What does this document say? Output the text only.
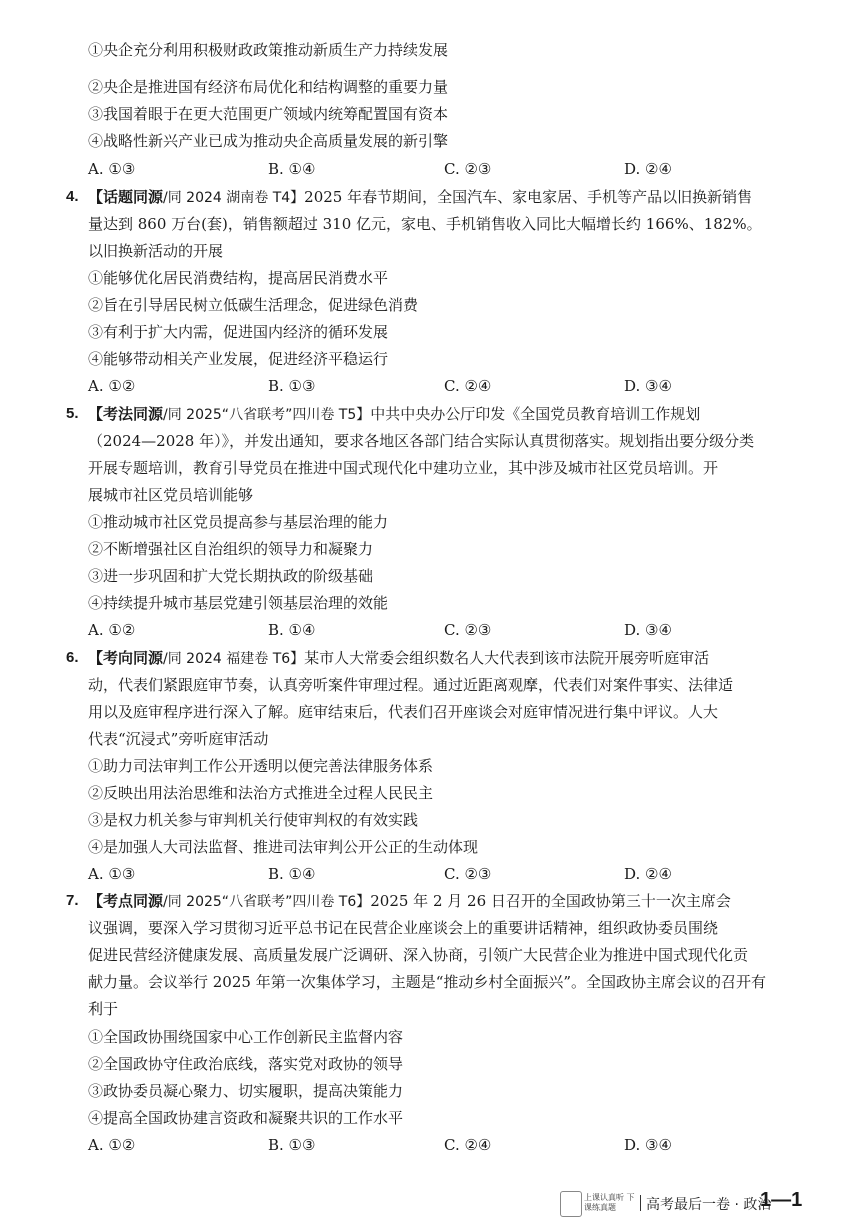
①央企充分利用积极财政政策推动新质生产力持续发展
②央企是推进国有经济布局优化和结构调整的重要力量
③我国着眼于在更大范围更广领域内统筹配置国有资本
④战略性新兴产业已成为推动央企高质量发展的新引擎
A. ①③	B. ①④	C. ②③	D. ②④
4. 【话题同源/同 2024 湖南卷 T4】2025 年春节期间，全国汽车、家电家居、手机等产品以旧换新销售
量达到 860 万台(套)，销售额超过 310 亿元，家电、手机销售收入同比大幅增长约 166%、182%。
以旧换新活动的开展
①能够优化居民消费结构，提高居民消费水平
②旨在引导居民树立低碳生活理念，促进绿色消费
③有利于扩大内需，促进国内经济的循环发展
④能够带动相关产业发展，促进经济平稳运行
A. ①②	B. ①③	C. ②④	D. ③④
5. 【考法同源/同 2025“八省联考”四川卷 T5】中共中央办公厅印发《全国党员教育培训工作规划
（2024—2028 年）》，并发出通知，要求各地区各部门结合实际认真贯彻落实。规划指出要分级分类
开展专题培训，教育引导党员在推进中国式现代化中建功立业，其中涉及城市社区党员培训。开
展城市社区党员培训能够
①推动城市社区党员提高参与基层治理的能力
②不断增强社区自治组织的领导力和凝聚力
③进一步巩固和扩大党长期执政的阶级基础
④持续提升城市基层党建引领基层治理的效能
A. ①②	B. ①④	C. ②③	D. ③④
6. 【考向同源/同 2024 福建卷 T6】某市人大常委会组织数名人大代表到该市法院开展旁听庭审活
动，代表们紧跟庭审节奏，认真旁听案件审理过程。通过近距离观摩，代表们对案件事实、法律适
用以及庭审程序进行深入了解。庭审结束后，代表们召开座谈会对庭审情况进行集中评议。人大
代表“沉浸式”旁听庭审活动
①助力司法审判工作公开透明以便完善法律服务体系
②反映出用法治思维和法治方式推进全过程人民民主
③是权力机关参与审判机关行使审判权的有效实践
④是加强人大司法监督、推进司法审判公开公正的生动体现
A. ①③	B. ①④	C. ②③	D. ②④
7. 【考点同源/同 2025“八省联考”四川卷 T6】2025 年 2 月 26 日召开的全国政协第三十一次主席会
议强调，要深入学习贯彻习近平总书记在民营企业座谈会上的重要讲话精神，组织政协委员围绕
促进民营经济健康发展、高质量发展广泛调研、深入协商，引领广大民营企业为推进中国式现代化贡
献力量。会议举行 2025 年第一次集体学习，主题是“推动乡村全面振兴”。全国政协主席会议的召开有
利于
①全国政协围绕国家中心工作创新民主监督内容
②全国政协守住政治底线，落实党对政协的领导
③政协委员凝心聚力、切实履职，提高决策能力
④提高全国政协建言资政和凝聚共识的工作水平
A. ①②	B. ①③	C. ②④	D. ③④
上课认真听 下课练真题	高考最后一卷 · 政治
1—1
